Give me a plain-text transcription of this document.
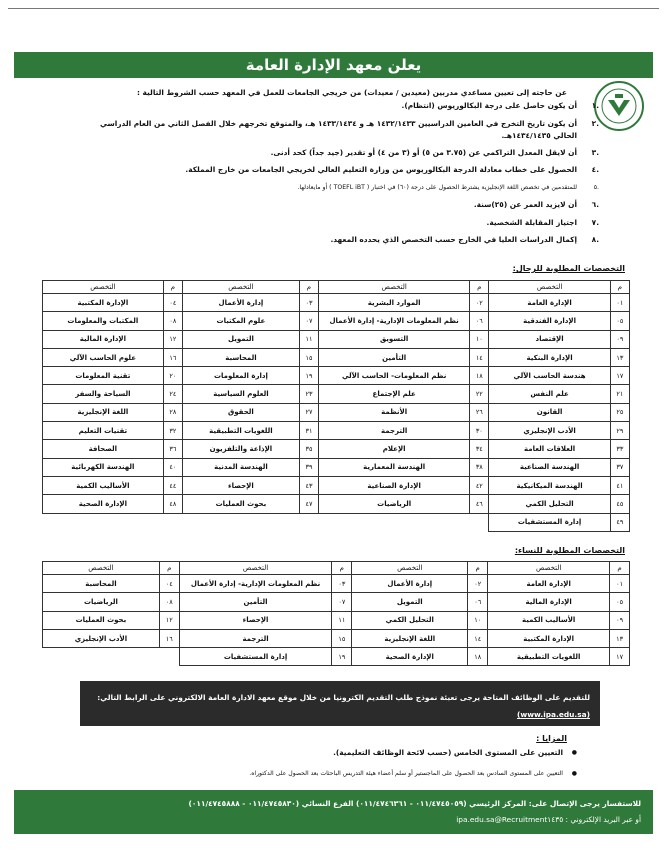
يعلن معهد الإدارة العامة
عن حاجته إلى تعيين مساعدي مدربين (معيدين / معيدات) من خريجي الجامعات للعمل في المعهد حسب الشروط التالية :
.١
أن يكون حاصل على درجة البكالوريوس (انتظام).
.٢
أن يكون تاريخ التخرج في العامين الدراسيين ١٤٣٢/١٤٣٣ هـ و ١٤٣٣/١٤٣٤ هـ، والمتوقع تخرجهم خلال الفصل الثاني من العام الدراسي الحالي ١٤٣٤/١٤٣٥هـ.
.٣
أن لايقل المعدل التراكمي عن (٣.٧٥ من ٥) أو (٣ من ٤) أو تقدير (جيد جداً) كحد أدنى.
.٤
الحصول على خطاب معادلة الدرجة البكالوريوس من وزارة التعليم العالي لخريجي الجامعات من خارج المملكة.
.٥
للمتقدمين في تخصص اللغة الإنجليزية يشترط الحصول على درجة (٦٠) في اختبار ( TOEFL iBT ) أو مايعادلها.
.٦
أن لايزيد العمر عن (٢٥)سنة.
.٧
اجتياز المقابلة الشخصية.
.٨
إكمال الدراسات العليا في الخارج حسب التخصص الذي يحدده المعهد.
التخصصات المطلوبة للرجال:
م	التخصص	م	التخصص	م	التخصص	م	التخصص
٠١	الإدارة العامة	٠٢	الموارد البشرية	٠٣	إدارة الأعمال	٠٤	الإدارة المكتبية
٠٥	الإدارة الفندقية	٠٦	نظم المعلومات الإدارية- إدارة الأعمال	٠٧	علوم المكتبات	٠٨	المكتبات والمعلومات
٠٩	الإقتصاد	١٠	التسويق	١١	التمويل	١٢	الإدارة المالية
١٣	الإدارة البنكية	١٤	التأمين	١٥	المحاسبة	١٦	علوم الحاسب الآلي
١٧	هندسة الحاسب الآلي	١٨	نظم المعلومات- الحاسب الآلي	١٩	إدارة المعلومات	٢٠	تقنية المعلومات
٢١	علم النفس	٢٢	علم الإجتماع	٢٣	العلوم السياسية	٢٤	السياحة والسفر
٢٥	القانون	٢٦	الأنظمة	٢٧	الحقوق	٢٨	اللغة الإنجليزية
٢٩	الأدب الإنجليزي	٣٠	الترجمة	٣١	اللغويات التطبيقية	٣٢	تقنيات التعليم
٣٣	العلاقات العامة	٣٤	الإعلام	٣٥	الإذاعة والتلفزيون	٣٦	الصحافة
٣٧	الهندسة الصناعية	٣٨	الهندسة المعمارية	٣٩	الهندسة المدنية	٤٠	الهندسة الكهربائية
٤١	الهندسة الميكانيكية	٤٢	الإدارة الصناعية	٤٣	الإحصاء	٤٤	الأساليب الكمية
٤٥	التحليل الكمي	٤٦	الرياضيات	٤٧	بحوث العمليات	٤٨	الإدارة الصحية
٤٩	إدارة المستشفيات						
التخصصات المطلوبة للنساء:
م	التخصص	م	التخصص	م	التخصص	م	التخصص
٠١	الإدارة العامة	٠٢	إدارة الأعمال	٠٣	نظم المعلومات الإدارية- إدارة الأعمال	٠٤	المحاسبة
٠٥	الإدارة المالية	٠٦	التمويل	٠٧	التأمين	٠٨	الرياضيات
٠٩	الأساليب الكمية	١٠	التحليل الكمي	١١	الإحصاء	١٢	بحوث العمليات
١٣	الإدارة المكتبية	١٤	اللغة الإنجليزية	١٥	الترجمة	١٦	الأدب الإنجليزي
١٧	اللغويات التطبيقية	١٨	الإدارة الصحية	١٩	إدارة المستشفيات		
للتقديم على الوظائف المتاحة يرجى تعبئة نموذج طلب التقديم الكترونيا من خلال موقع معهد الادارة العامة الالكتروني على الرابط التالي:
(www.ipa.edu.sa)
المزايا :
● التعيين على المستوى الخامس (حسب لائحة الوظائف التعليمية).
● التعيين على المستوى السادس بعد الحصول على الماجستير أو سلم أعضاء هيئة التدريس الباحثات بعد الحصول على الدكتوراه.
للاستفسار يرجى الإتصال على: المركز الرئيسي (٠١١/٤٧٤٥٠٥٩ - ٠١١/٤٧٤٦٣٦١) الفرع النسائي (٠١١/٤٧٤٥٨٣٠ - ٠١١/٤٧٤٥٨٨٨)
أو عبر البريد الإلكتروني : Recruitment١٤٣٥@ipa.edu.sa
